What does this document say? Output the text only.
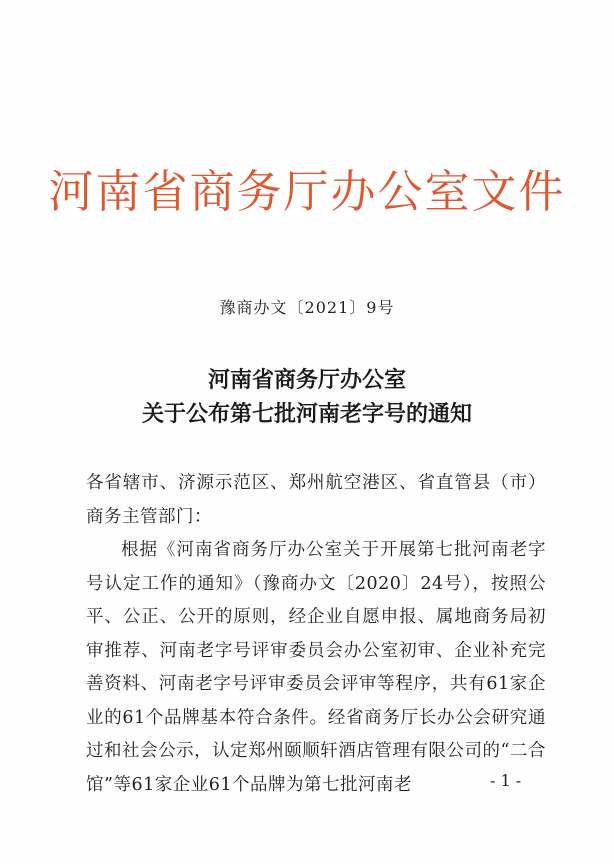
河南省商务厅办公室文件
豫商办文〔2021〕9号
河南省商务厅办公室
关于公布第七批河南老字号的通知

各省辖市、济源示范区、郑州航空港区、省直管县（市）商务主管部门：

根据《河南省商务厅办公室关于开展第七批河南老字号认定工作的通知》（豫商办文〔2020〕24号），按照公平、公正、公开的原则，经企业自愿申报、属地商务局初审推荐、河南老字号评审委员会办公室初审、企业补充完善资料、河南老字号评审委员会评审等程序，共有61家企业的61个品牌基本符合条件。经省商务厅长办公会研究通过和社会公示，认定郑州颐顺轩酒店管理有限公司的“二合馆”等61家企业61个品牌为第七批河南老	- 1 -
